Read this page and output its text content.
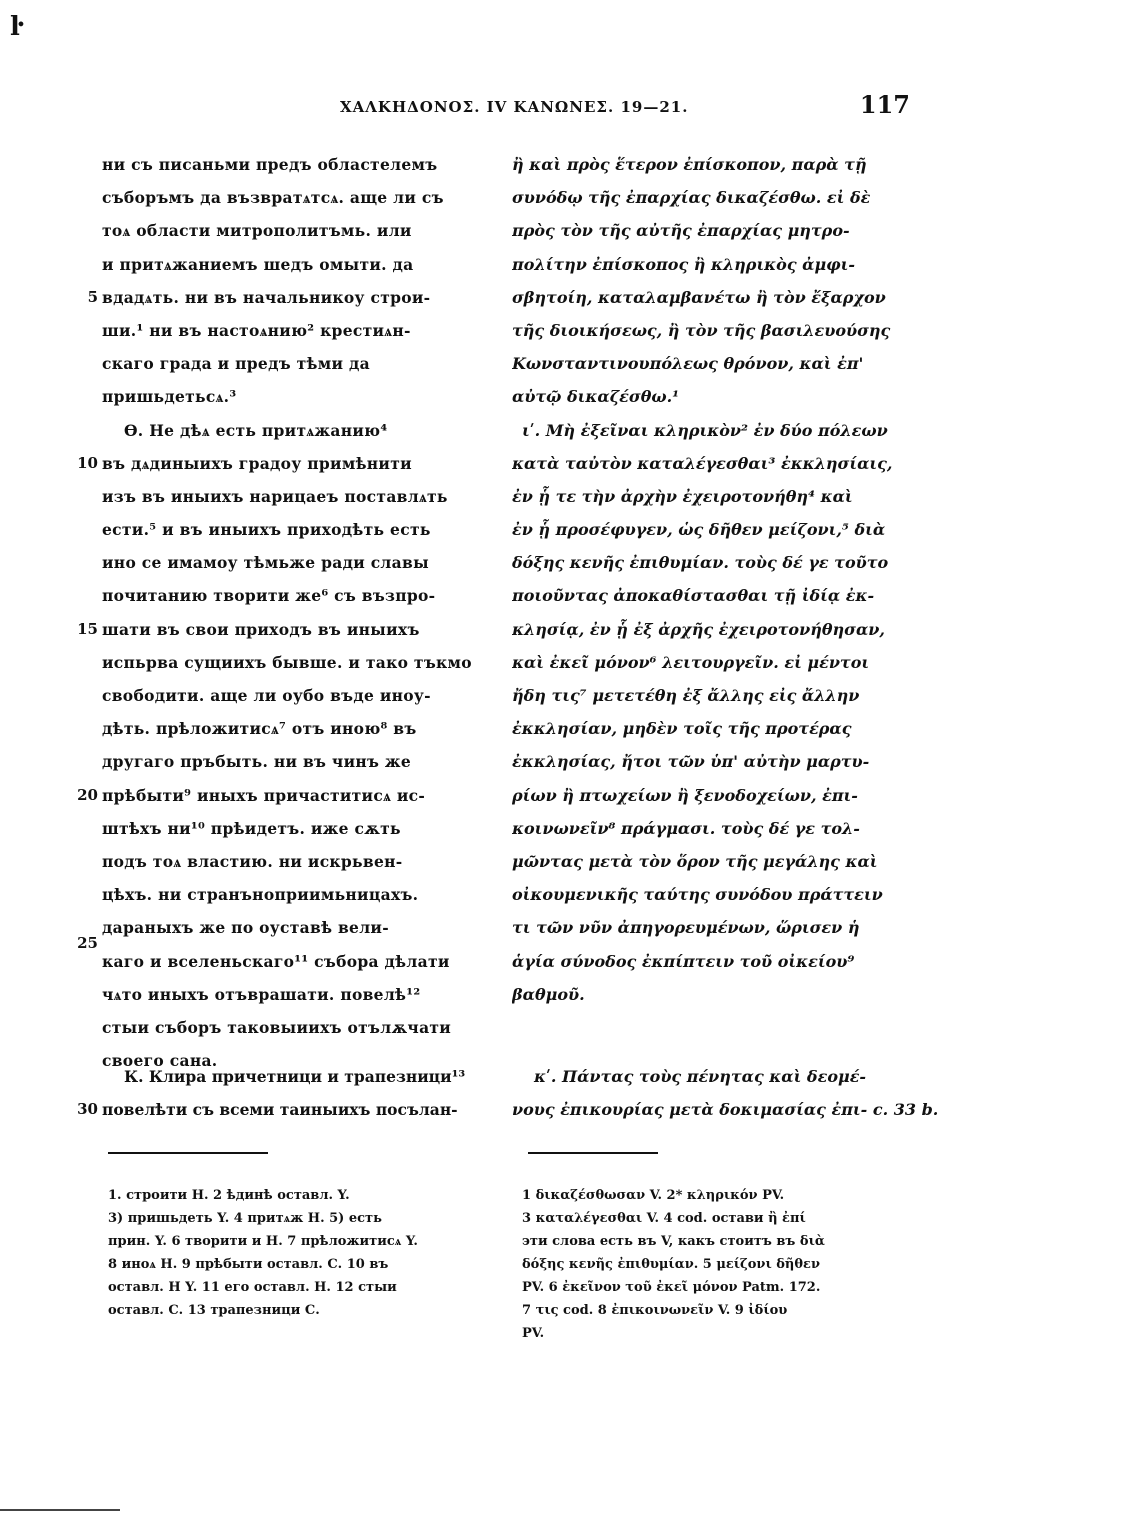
ŀ
ΧΑΛΚΗΔΟΝΟΣ. IV ΚΑΝΩΝΕΣ. 19—21.	117
5
10
15
20
25
30
ни съ писаньми предъ областелемъ
съборъмъ да възвратѧтсѧ. аще ли съ
тоѧ области митрополитъмь. или
и притѧжаниемъ шедъ омыти. да
вдадѧть. ни въ начальникоу строи-
ши.¹ ни въ настоѧнию² крестиѧн-
скаго града и предъ тѣми да
пришьдетьсѧ.³
Ѳ. Не дѣѧ есть притѧжанию⁴
въ дѧдиныихъ градоу примѣнити
изъ въ иныихъ нарицаеъ поставлѧть
ести.⁵ и въ иныихъ приходѣть есть
ино се имамоу тѣмьже ради славы
почитанию творити же⁶ съ възпро-
шати въ свои приходъ въ иныихъ
испьрва сущиихъ бывше. и тако тъкмо
свободити. аще ли оубо въде иноу-
дѣть. прѣложитисѧ⁷ отъ иною⁸ въ
другаго пръбыть. ни въ чинъ же
прѣбыти⁹ иныхъ причаститисѧ ис-
штѣхъ ни¹⁰ прѣидетъ. иже сѫть
подъ тоѧ властию. ни искрьвен-
цѣхъ. ни странъноприимьницахъ.
дараныхъ же по оуставѣ вели-
каго и вселеньскаго¹¹ събора дѣлати
чѧто иныхъ отъврашати. повелѣ¹²
стыи съборъ таковыиихъ отълѫчати
своего сана.
ἢ καὶ πρὸς ἕτερον ἐπίσκοπον, παρὰ τῇ
συνόδῳ τῆς ἐπαρχίας δικαζέσθω. εἰ δὲ
πρὸς τὸν τῆς αὐτῆς ἐπαρχίας μητρο-
πολίτην ἐπίσκοπος ἢ κληρικὸς ἀμφι-
σβητοίη, καταλαμβανέτω ἢ τὸν ἔξαρχον
τῆς διοικήσεως, ἢ τὸν τῆς βασιλευούσης
Κωνσταντινουπόλεως θρόνον, καὶ ἐπ'
αὐτῷ δικαζέσθω.¹
ιʹ. Μὴ ἐξεῖναι κληρικὸν² ἐν δύο πόλεων
κατὰ ταὐτὸν καταλέγεσθαι³ ἐκκλησίαις,
ἐν ᾗ τε τὴν ἀρχὴν ἐχειροτονήθη⁴ καὶ
ἐν ᾗ προσέφυγεν, ὡς δῆθεν μείζονι,⁵ διὰ
δόξης κενῆς ἐπιθυμίαν. τοὺς δέ γε τοῦτο
ποιοῦντας ἀποκαθίστασθαι τῇ ἰδίᾳ ἐκ-
κλησίᾳ, ἐν ᾗ ἐξ ἀρχῆς ἐχειροτονήθησαν,
καὶ ἐκεῖ μόνον⁶ λειτουργεῖν. εἰ μέντοι
ἤδη τις⁷ μετετέθη ἐξ ἄλλης εἰς ἄλλην
ἐκκλησίαν, μηδὲν τοῖς τῆς προτέρας
ἐκκλησίας, ἤτοι τῶν ὑπ' αὐτὴν μαρτυ-
ρίων ἢ πτωχείων ἢ ξενοδοχείων, ἐπι-
κοινωνεῖν⁸ πράγμασι. τοὺς δέ γε τολ-
μῶντας μετὰ τὸν ὅρον τῆς μεγάλης καὶ
οἰκουμενικῆς ταύτης συνόδου πράττειν
τι τῶν νῦν ἀπηγορευμένων, ὥρισεν ἡ
ἁγία σύνοδος ἐκπίπτειν τοῦ οἰκείου⁹
βαθμοῦ.
К. Клира причетници и трапезници¹³
повелѣти съ всеми таиныихъ посълан-
κʹ. Πάντας τοὺς πένητας καὶ δεομέ-
νους ἐπικουρίας μετὰ δοκιμασίας ἐπι- c. 33 b.
1. строити Н. 2 ѣдинѣ оставл. Y.
3) пришьдеть Y. 4 притѧж Н. 5) есть
прин. Y. 6 творити и Н. 7 прѣложитисѧ Y.
8 иноѧ Н. 9 прѣбыти оставл. С. 10 въ
оставл. Н Y. 11 его оставл. Н. 12 стыи
оставл. С. 13 трапезници С.
1 δικαζέσθωσαν V. 2* κληρικόν PV.
3 καταλέγεσθαι V. 4 cod. остави ἢ ἐπί
эти слова есть въ V, какъ стоитъ въ διὰ
δόξης κενῆς ἐπιθυμίαν. 5 μείζονι δῆθεν
PV. 6 ἐκεῖνον τοῦ ἐκεῖ μόνον Patm. 172.
7 τις cod. 8 ἐπικοινωνεῖν V. 9 ἰδίου
PV.
